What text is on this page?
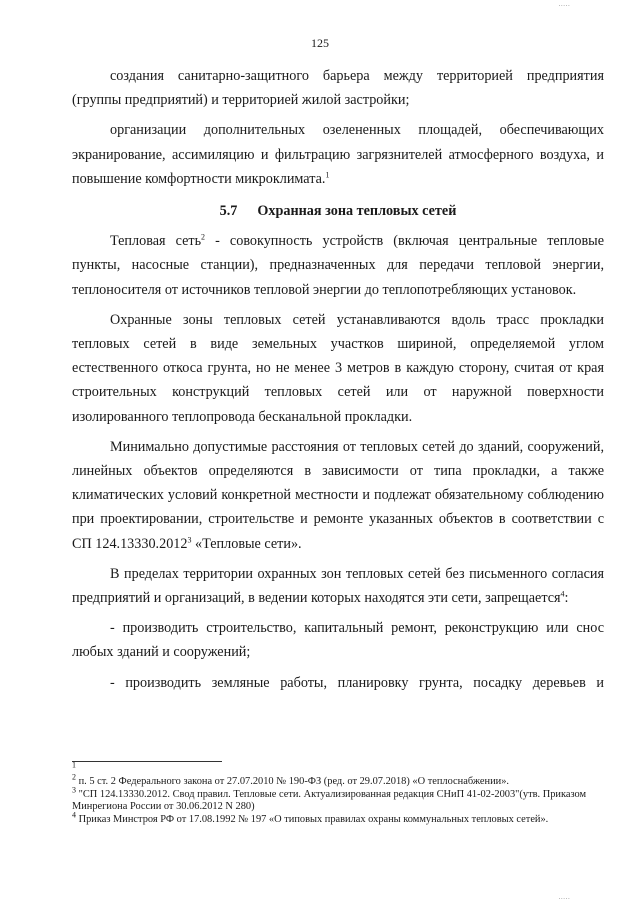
.‥‥
125

создания санитарно-защитного барьера между территорией предприятия (группы предприятий) и территорией жилой застройки;

организации дополнительных озелененных площадей, обеспечивающих экранирование, ассимиляцию и фильтрацию загрязнителей атмосферного воздуха, и повышение комфортности микроклимата.$^1$

5.7 Охранная зона тепловых сетей

Тепловая сеть$^2$ - совокупность устройств (включая центральные тепловые пункты, насосные станции), предназначенных для передачи тепловой энергии, теплоносителя от источников тепловой энергии до теплопотребляющих установок.

Охранные зоны тепловых сетей устанавливаются вдоль трасс прокладки тепловых сетей в виде земельных участков шириной, определяемой углом естественного откоса грунта, но не менее 3 метров в каждую сторону, считая от края строительных конструкций тепловых сетей или от наружной поверхности изолированного теплопровода бесканальной прокладки.

Минимально допустимые расстояния от тепловых сетей до зданий, сооружений, линейных объектов определяются в зависимости от типа прокладки, а также климатических условий конкретной местности и подлежат обязательному соблюдению при проектировании, строительстве и ремонте указанных объектов в соответствии с СП 124.13330.2012$^3$ «Тепловые сети».

В пределах территории охранных зон тепловых сетей без письменного согласия предприятий и организаций, в ведении которых находятся эти сети, запрещается$^4$:

- производить строительство, капитальный ремонт, реконструкцию или снос любых зданий и сооружений;

- производить земляные работы, планировку грунта, посадку деревьев и

$^1$

$^2$ п. 5 ст. 2 Федерального закона от 27.07.2010 № 190-ФЗ (ред. от 29.07.2018) «О теплоснабжении».

$^3$ "СП 124.13330.2012. Свод правил. Тепловые сети. Актуализированная редакция СНиП 41-02-2003"(утв. Приказом Минрегиона России от 30.06.2012 N 280)

$^4$ Приказ Минстроя РФ от 17.08.1992 № 197 «О типовых правилах охраны коммунальных тепловых сетей».

.‥‥
